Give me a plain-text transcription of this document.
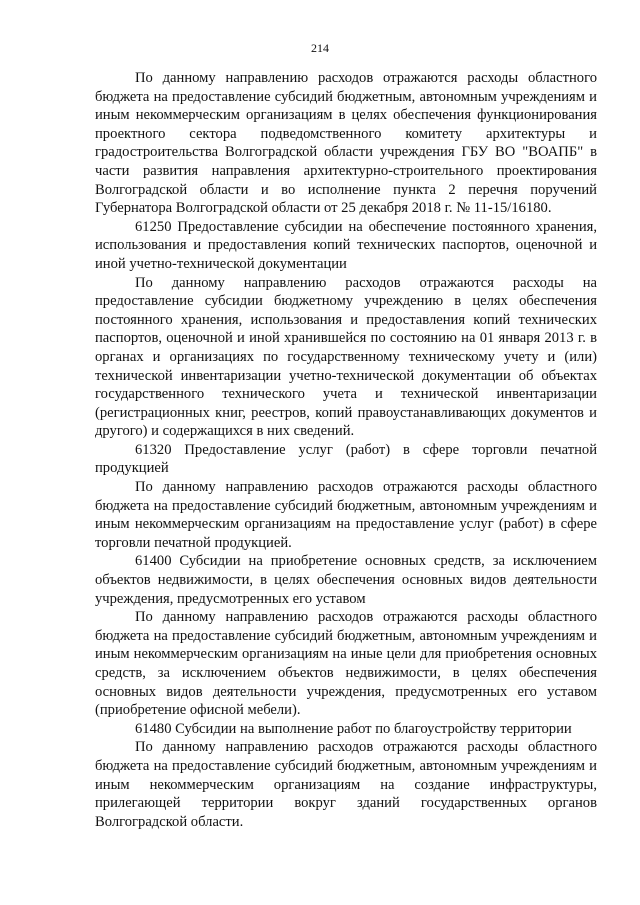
214

По данному направлению расходов отражаются расходы областного бюджета на предоставление субсидий бюджетным, автономным учреждениям и иным некоммерческим организациям в целях обеспечения функционирования проектного сектора подведомственного комитету архитектуры и градостроительства Волгоградской области учреждения ГБУ ВО "ВОАПБ" в части развития направления архитектурно-строительного проектирования Волгоградской области и во исполнение пункта 2 перечня поручений Губернатора Волгоградской области от 25 декабря 2018 г. № 11-15/16180.

61250 Предоставление субсидии на обеспечение постоянного хранения, использования и предоставления копий технических паспортов, оценочной и иной учетно-технической документации

По данному направлению расходов отражаются расходы на предоставление субсидии бюджетному учреждению в целях обеспечения постоянного хранения, использования и предоставления копий технических паспортов, оценочной и иной хранившейся по состоянию на 01 января 2013 г. в органах и организациях по государственному техническому учету и (или) технической инвентаризации учетно-технической документации об объектах государственного технического учета и технической инвентаризации (регистрационных книг, реестров, копий правоустанавливающих документов и другого) и содержащихся в них сведений.

61320 Предоставление услуг (работ) в сфере торговли печатной продукцией

По данному направлению расходов отражаются расходы областного бюджета на предоставление субсидий бюджетным, автономным учреждениям и иным некоммерческим организациям на предоставление услуг (работ) в сфере торговли печатной продукцией.

61400 Субсидии на приобретение основных средств, за исключением объектов недвижимости, в целях обеспечения основных видов деятельности учреждения, предусмотренных его уставом

По данному направлению расходов отражаются расходы областного бюджета на предоставление субсидий бюджетным, автономным учреждениям и иным некоммерческим организациям на иные цели для приобретения основных средств, за исключением объектов недвижимости, в целях обеспечения основных видов деятельности учреждения, предусмотренных его уставом (приобретение офисной мебели).

61480 Субсидии на выполнение работ по благоустройству территории

По данному направлению расходов отражаются расходы областного бюджета на предоставление субсидий бюджетным, автономным учреждениям и иным некоммерческим организациям на создание инфраструктуры, прилегающей территории вокруг зданий государственных органов Волгоградской области.
